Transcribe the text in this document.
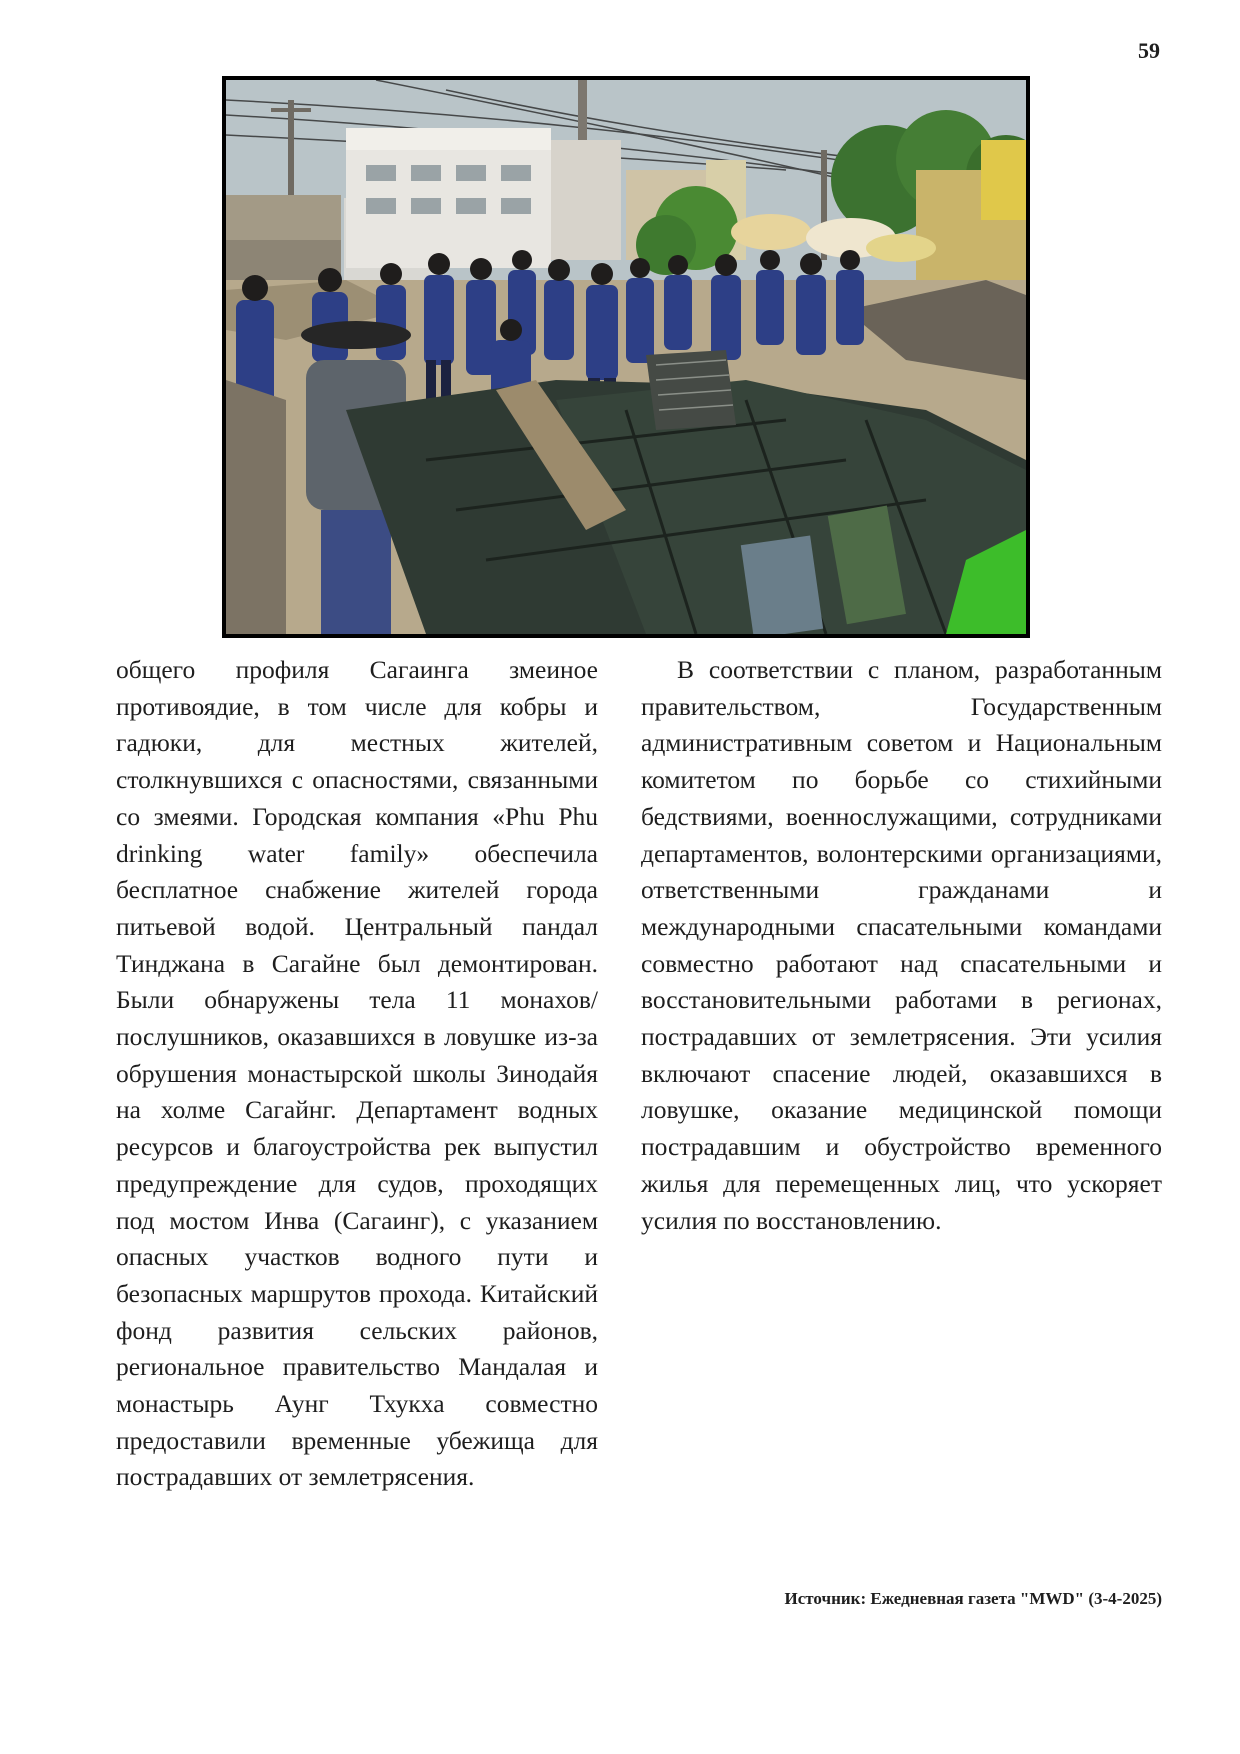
59
общего профиля Сагаинга змеиное противоядие, в том числе для кобры и гадюки, для местных жителей, столкнувшихся с опасностями, связанными со змеями. Городская компания «Phu Phu drinking water family» обеспечила бесплатное снабжение жителей города питьевой водой. Центральный пандал Тинджана в Сагайне был демонтирован. Были обнаружены тела 11 монахов/послушников, оказавшихся в ловушке из-за обрушения монастырской школы Зинодайя на холме Сагайнг. Департамент водных ресурсов и благоустройства рек выпустил предупреждение для судов, проходящих под мостом Инва (Сагаинг), с указанием опасных участков водного пути и безопасных маршрутов прохода. Китайский фонд развития сельских районов, региональное правительство Мандалая и монастырь Аунг Тхукха совместно предоставили временные убежища для пострадавших от землетрясения.
В соответствии с планом, разработанным правительством, Государственным административным советом и Национальным комитетом по борьбе со стихийными бедствиями, военнослужащими, сотрудниками департаментов, волонтерскими организациями, ответственными гражданами и международными спасательными командами совместно работают над спасательными и восстановительными работами в регионах, пострадавших от землетрясения. Эти усилия включают спасение людей, оказавшихся в ловушке, оказание медицинской помощи пострадавшим и обустройство временного жилья для перемещенных лиц, что ускоряет усилия по восстановлению.
Источник: Ежедневная газета "MWD" (3-4-2025)
